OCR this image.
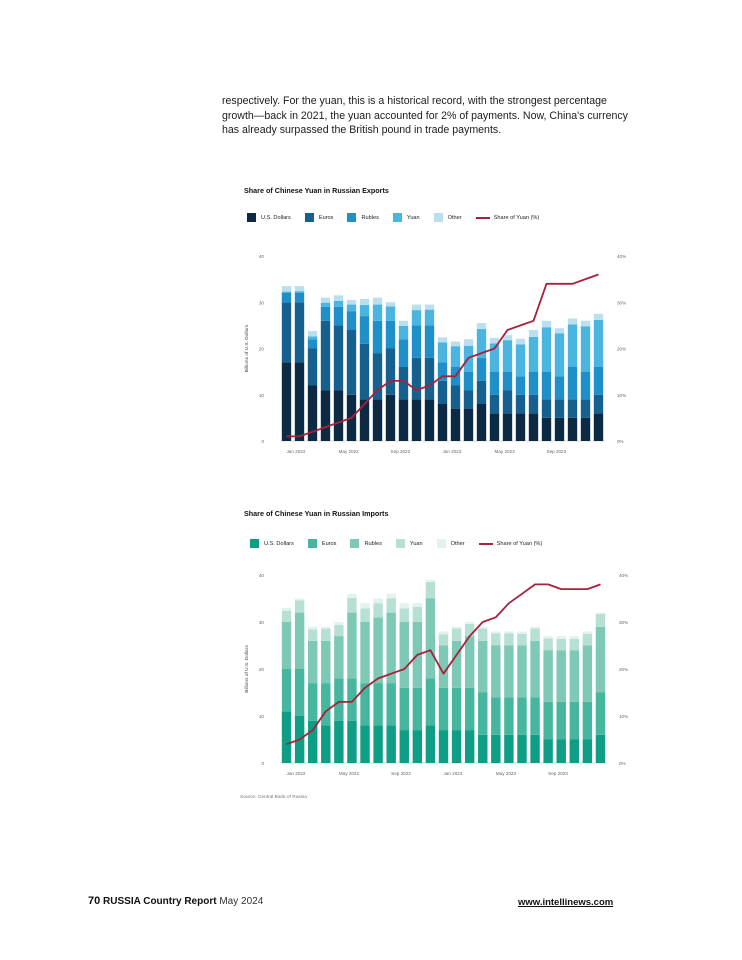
respectively. For the yuan, this is a historical record, with the strongest percentage growth—back in 2021, the yuan accounted for 2% of payments. Now, China's currency has already surpassed the British pound in trade payments.
Share of Chinese Yuan in Russian Exports
U.S. Dollars	Euros	Rubles	Yuan	Other	Share of Yuan (%)
0
10
20
30
40
0%
10%
20%
30%
40%
Billions of U.S. Dollars
Jan 2022	May 2022	Sep 2022	Jan 2023	May 2023	Sep 2023
Share of Chinese Yuan in Russian Imports
U.S. Dollars	Euros	Rubles	Yuan	Other	Share of Yuan (%)
0
10
20
30
40
0%
10%
20%
30%
40%
Billions of U.S. Dollars
Jan 2022	May 2022	Sep 2022	Jan 2023	May 2023	Sep 2023
Source: Central Bank of Russia
70 RUSSIA Country Report May 2024	www.intellinews.com
